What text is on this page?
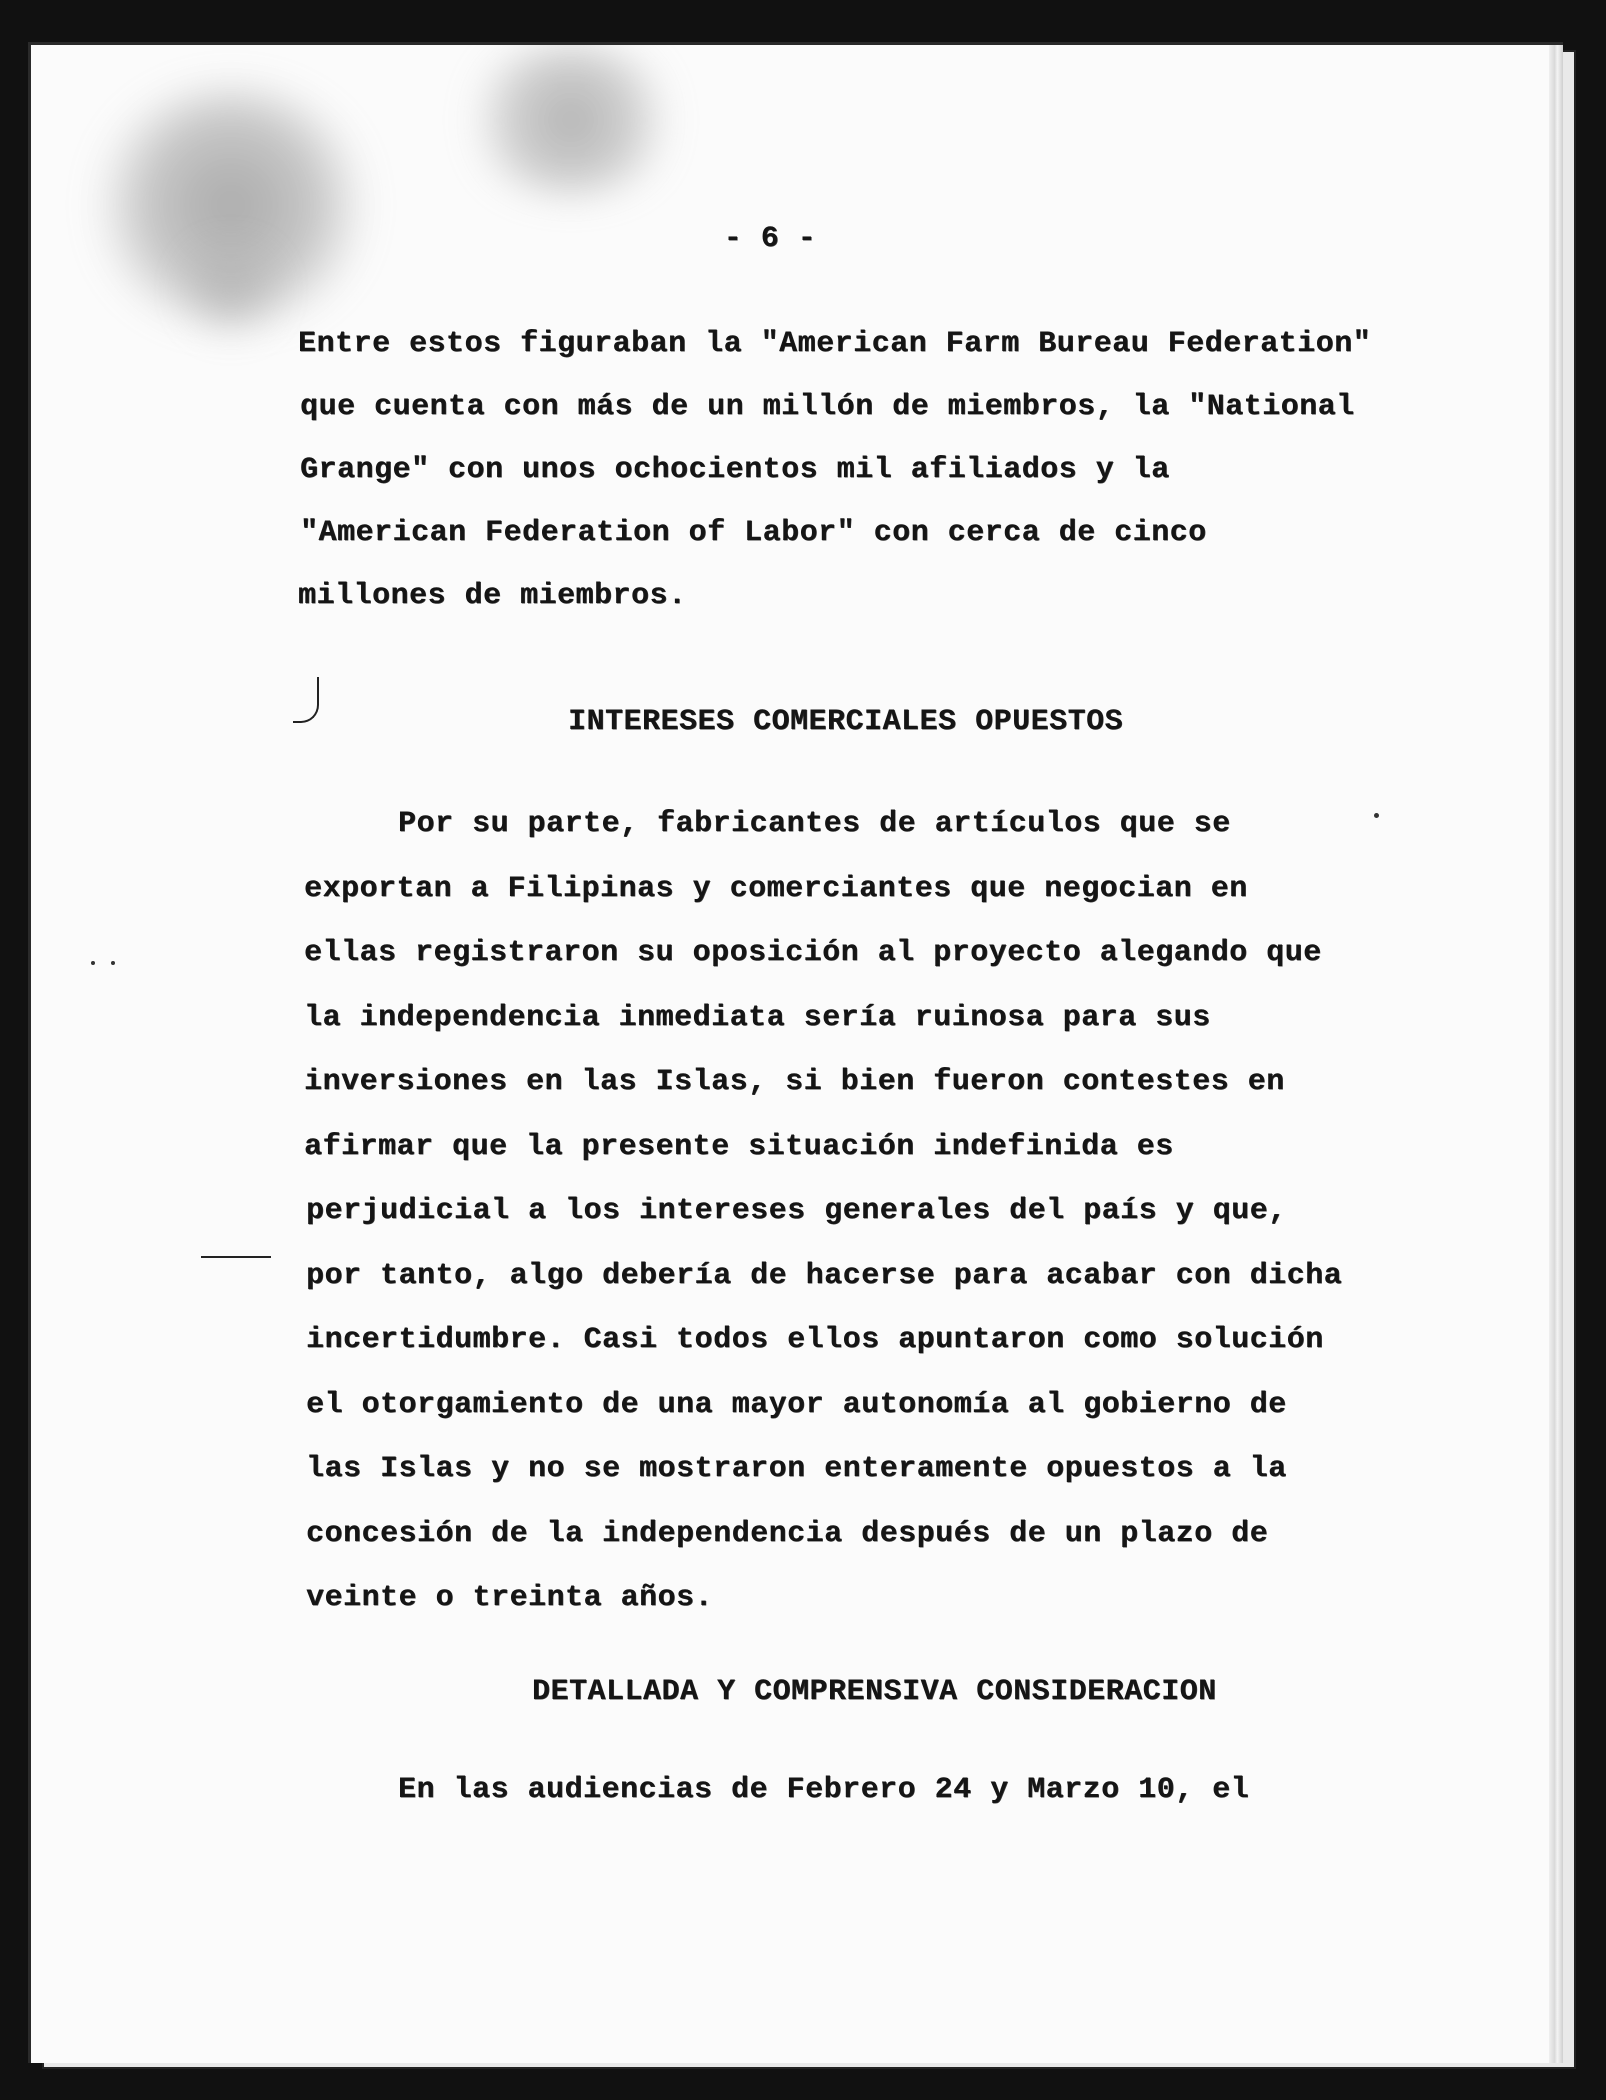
- 6 -
Entre estos figuraban la "American Farm Bureau Federation"
que cuenta con más de un millón de miembros, la "National
Grange" con unos ochocientos mil afiliados y la
"American Federation of Labor" con cerca de cinco
millones de miembros.
INTERESES COMERCIALES OPUESTOS
Por su parte, fabricantes de artículos que se
exportan a Filipinas y comerciantes que negocian en
ellas registraron su oposición al proyecto alegando que
la independencia inmediata sería ruinosa para sus
inversiones en las Islas, si bien fueron contestes en
afirmar que la presente situación indefinida es
perjudicial a los intereses generales del país y que,
por tanto, algo debería de hacerse para acabar con dicha
incertidumbre. Casi todos ellos apuntaron como solución
el otorgamiento de una mayor autonomía al gobierno de
las Islas y no se mostraron enteramente opuestos a la
concesión de la independencia después de un plazo de
veinte o treinta años.
DETALLADA Y COMPRENSIVA CONSIDERACION
En las audiencias de Febrero 24 y Marzo 10, el
